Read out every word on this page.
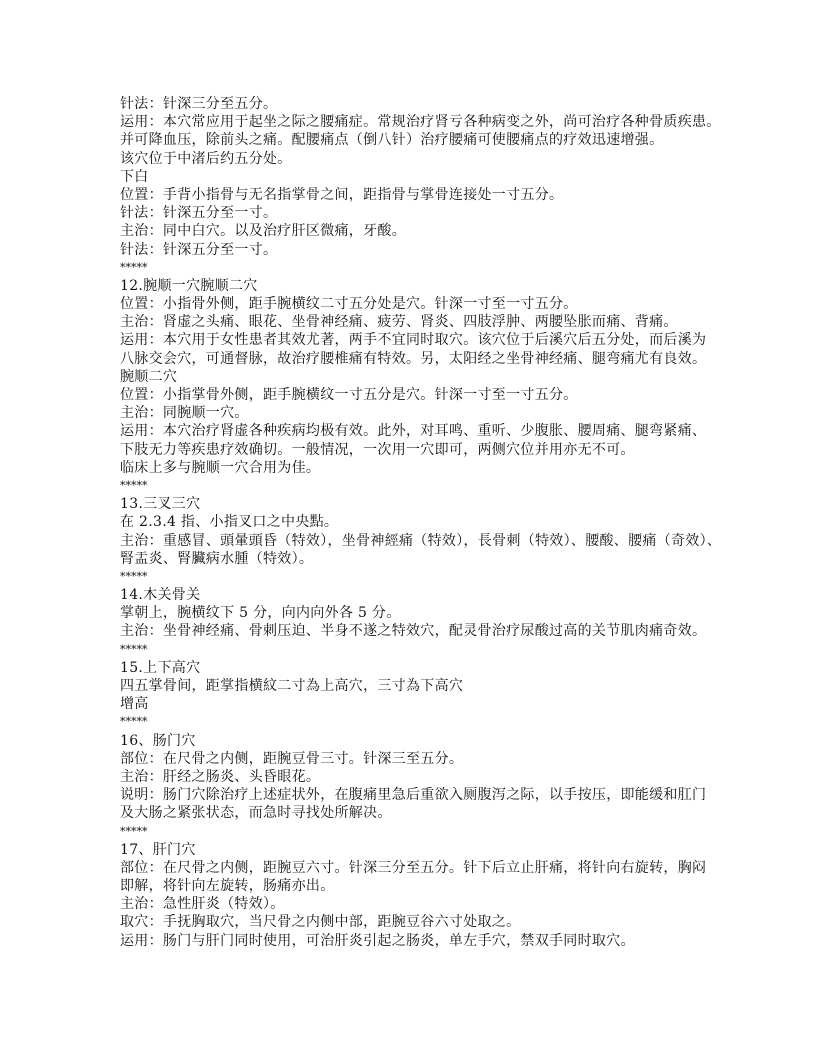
针法：针深三分至五分。
运用：本穴常应用于起坐之际之腰痛症。常规治疗肾亏各种病变之外，尚可治疗各种骨质疾患。
并可降血压，除前头之痛。配腰痛点（倒八针）治疗腰痛可使腰痛点的疗效迅速增强。
该穴位于中渚后约五分处。
下白
位置：手背小指骨与无名指掌骨之间，距指骨与掌骨连接处一寸五分。
针法：针深五分至一寸。
主治：同中白穴。以及治疗肝区微痛，牙酸。
针法：针深五分至一寸。
*****
12.腕顺一穴腕顺二穴
位置：小指骨外侧，距手腕横纹二寸五分处是穴。针深一寸至一寸五分。
主治：肾虚之头痛、眼花、坐骨神经痛、疲劳、肾炎、四肢浮肿、两腰坠胀而痛、背痛。
运用：本穴用于女性患者其效尤著，两手不宜同时取穴。该穴位于后溪穴后五分处，而后溪为
八脉交会穴，可通督脉，故治疗腰椎痛有特效。另，太阳经之坐骨神经痛、腿弯痛尤有良效。
腕顺二穴
位置：小指掌骨外侧，距手腕横纹一寸五分是穴。针深一寸至一寸五分。
主治：同腕顺一穴。
运用：本穴治疗肾虚各种疾病均极有效。此外，对耳鸣、重听、少腹胀、腰周痛、腿弯紧痛、
下肢无力等疾患疗效确切。一般情况，一次用一穴即可，两侧穴位并用亦无不可。
临床上多与腕顺一穴合用为佳。
*****
13.三叉三穴
在 2.3.4 指、小指叉口之中央點。
主治：重感冒、頭暈頭昏（特效），坐骨神經痛（特效），長骨刺（特效）、腰酸、腰痛（奇效）、
腎盂炎、腎臟病水腫（特效）。
*****
14.木关骨关
掌朝上，腕横纹下 5 分，向内向外各 5 分。
主治：坐骨神经痛、骨刺压迫、半身不遂之特效穴，配灵骨治疗尿酸过高的关节肌肉痛奇效。
*****
15.上下高穴
四五掌骨间，距掌指横紋二寸為上高穴，三寸為下高穴
增高
*****
16、肠门穴
部位：在尺骨之内侧，距腕豆骨三寸。针深三至五分。
主治：肝经之肠炎、头昏眼花。
说明：肠门穴除治疗上述症状外，在腹痛里急后重欲入厕腹泻之际，以手按压，即能缓和肛门
及大肠之紧张状态，而急时寻找处所解决。
*****
17、肝门穴
部位：在尺骨之内侧，距腕豆六寸。针深三分至五分。针下后立止肝痛，将针向右旋转，胸闷
即解，将针向左旋转，肠痛亦出。
主治：急性肝炎（特效）。
取穴：手抚胸取穴，当尺骨之内侧中部，距腕豆谷六寸处取之。
运用：肠门与肝门同时使用，可治肝炎引起之肠炎，单左手穴，禁双手同时取穴。
